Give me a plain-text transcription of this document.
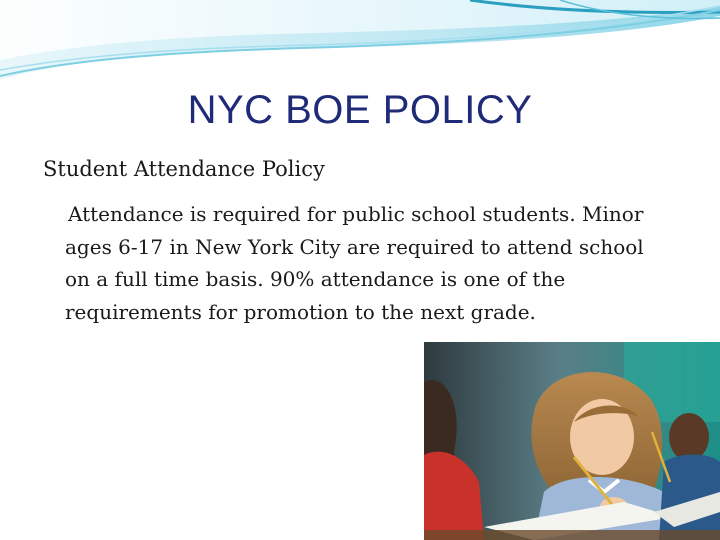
NYC BOE POLICY
Student Attendance Policy
Attendance is required for public school students. Minor ages 6-17 in New York City are required to attend school on a full time basis. 90% attendance is one of the requirements for promotion to the next grade.
